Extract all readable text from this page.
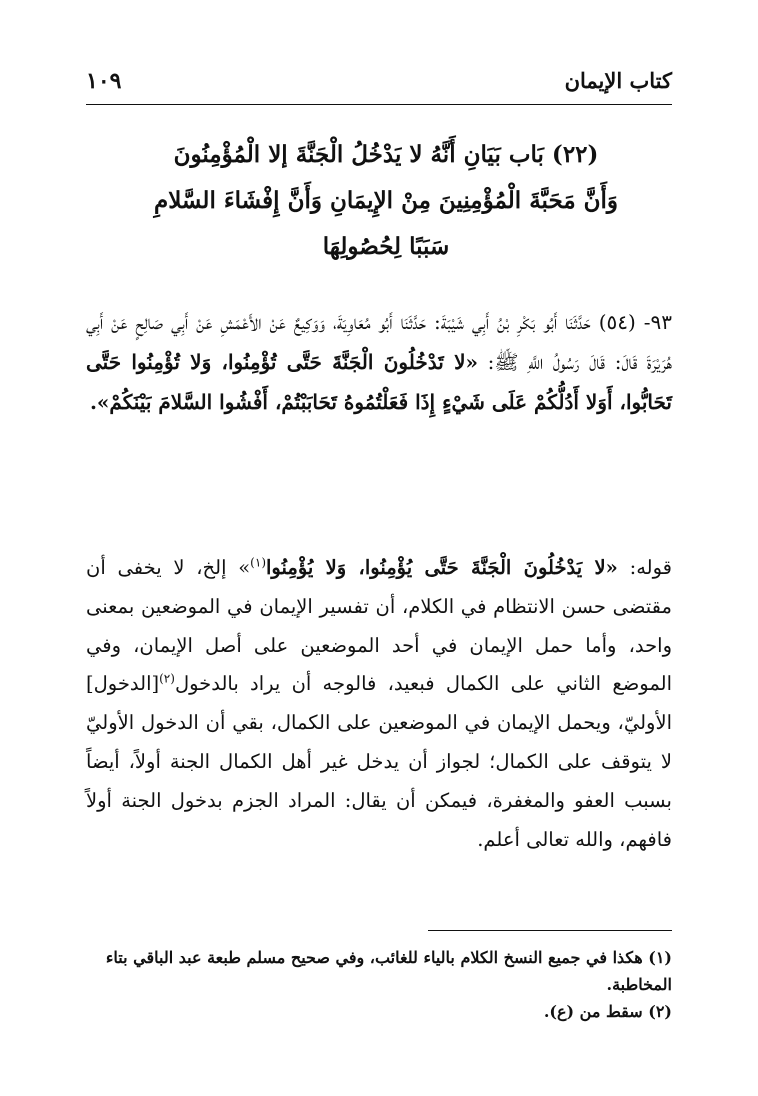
كتاب الإيمان
١٠٩
(٢٢) بَاب بَيَانِ أَنَّهُ لا يَدْخُلُ الْجَنَّةَ إلا الْمُؤْمِنُونَ
وَأَنَّ مَحَبَّةَ الْمُؤْمِنِينَ مِنْ الإِيمَانِ وَأَنَّ إِفْشَاءَ السَّلامِ
سَبَبًا لِحُصُولِهَا
٩٣- (٥٤) حَدَّثَنَا أَبُو بَكْرِ بْنُ أَبِي شَيْبَةَ: حَدَّثَنَا أَبُو مُعَاوِيَةَ، وَوَكِيعٌ عَنْ الأَعْمَشِ عَنْ أَبِي صَالِحٍ عَنْ أَبِي هُرَيْرَةَ قَالَ: قَالَ رَسُولُ اللَّهِ ﷺ: «لا تَدْخُلُونَ الْجَنَّةَ حَتَّى تُؤْمِنُوا، وَلا تُؤْمِنُوا حَتَّى تَحَابُّوا، أَوَلا أَدُلُّكُمْ عَلَى شَيْءٍ إِذَا فَعَلْتُمُوهُ تَحَابَبْتُمْ، أَفْشُوا السَّلامَ بَيْنَكُمْ».
قوله: «لا يَدْخُلُونَ الْجَنَّةَ حَتَّى يُؤْمِنُوا، وَلا يُؤْمِنُوا$^{(١)}$» إلخ، لا يخفى أن مقتضى حسن الانتظام في الكلام، أن تفسير الإيمان في الموضعين بمعنى واحد، وأما حمل الإيمان في أحد الموضعين على أصل الإيمان، وفي الموضع الثاني على الكمال فبعيد، فالوجه أن يراد بالدخول$^{(٢)}$[الدخول] الأوليّ، ويحمل الإيمان في الموضعين على الكمال، بقي أن الدخول الأوليّ لا يتوقف على الكمال؛ لجواز أن يدخل غير أهل الكمال الجنة أولاً، أيضاً بسبب العفو والمغفرة، فيمكن أن يقال: المراد الجزم بدخول الجنة أولاً فافهم، والله تعالى أعلم.

(١) هكذا في جميع النسخ الكلام بالياء للغائب، وفي صحيح مسلم طبعة عبد الباقي بتاء المخاطبة.

(٢) سقط من (ع).
